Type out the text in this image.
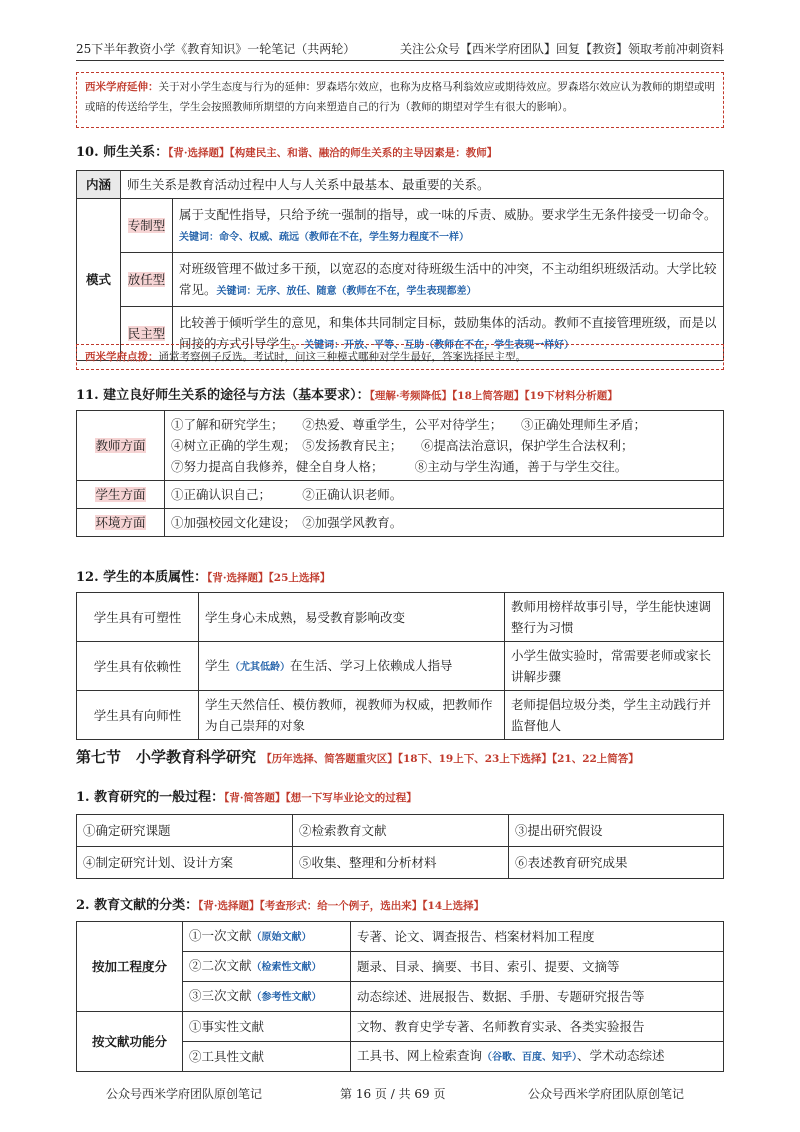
25下半年教资小学《教育知识》一轮笔记（共两轮）	关注公众号【西米学府团队】回复【教资】领取考前冲刺资料
西米学府延伸：关于对小学生态度与行为的延伸：罗森塔尔效应，也称为皮格马利翁效应或期待效应。罗森塔尔效应认为教师的期望或明或暗的传送给学生，学生会按照教师所期望的方向来塑造自己的行为（教师的期望对学生有很大的影响）。
10. 师生关系：【背·选择题】【构建民主、和谐、融洽的师生关系的主导因素是：教师】
内涵	师生关系是教育活动过程中人与人关系中最基本、最重要的关系。	
模式	专制型	属于支配性指导，只给予统一强制的指导，或一味的斥责、威胁。要求学生无条件接受一切命令。关键词：命令、权威、疏远（教师在不在，学生努力程度不一样）
	放任型	对班级管理不做过多干预，以宽忍的态度对待班级生活中的冲突，不主动组织班级活动。大学比较常见。关键词：无序、放任、随意（教师在不在，学生表现都差）
	民主型	比较善于倾听学生的意见，和集体共同制定目标，鼓励集体的活动。教师不直接管理班级，而是以间接的方式引导学生。关键词：开放、平等、互助（教师在不在，学生表现一样好）
西米学府点拨：通常考察例子反选。考试时，问这三种模式哪种对学生最好，答案选择民主型。
11. 建立良好师生关系的途径与方法（基本要求）：【理解·考频降低】【18上简答题】【19下材料分析题】
教师方面	①了解和研究学生；　　②热爱、尊重学生，公平对待学生；　　③正确处理师生矛盾；
④树立正确的学生观；　⑤发扬教育民主；　　⑥提高法治意识，保护学生合法权利；
⑦努力提高自我修养，健全自身人格；　　　⑧主动与学生沟通，善于与学生交往。

学生方面	①正确认识自己；　　　②正确认识老师。

环境方面	①加强校园文化建设；　②加强学风教育。
12. 学生的本质属性：【背·选择题】【25上选择】
学生具有可塑性	学生身心未成熟，易受教育影响改变	教师用榜样故事引导，学生能快速调整行为习惯
学生具有依赖性	学生（尤其低龄）在生活、学习上依赖成人指导	小学生做实验时，常需要老师或家长讲解步骤
学生具有向师性	学生天然信任、模仿教师，视教师为权威，把教师作为自己崇拜的对象	老师提倡垃圾分类，学生主动践行并监督他人
第七节　小学教育科学研究 【历年选择、简答题重灾区】【18下、19上下、23上下选择】【21、22上简答】
1. 教育研究的一般过程：【背·简答题】【想一下写毕业论文的过程】
①确定研究课题	②检索教育文献	③提出研究假设
④制定研究计划、设计方案	⑤收集、整理和分析材料	⑥表述教育研究成果
2. 教育文献的分类：【背·选择题】【考查形式：给一个例子，选出来】【14上选择】
按加工程度分	①一次文献（原始文献）	专著、论文、调查报告、档案材料加工程度
	②二次文献（检索性文献）	题录、目录、摘要、书目、索引、提要、文摘等
	③三次文献（参考性文献）	动态综述、进展报告、数据、手册、专题研究报告等
按文献功能分	①事实性文献	文物、教育史学专著、名师教育实录、各类实验报告
	②工具性文献	工具书、网上检索查询（谷歌、百度、知乎）、学术动态综述
公众号西米学府团队原创笔记	第 16 页 / 共 69 页	公众号西米学府团队原创笔记
